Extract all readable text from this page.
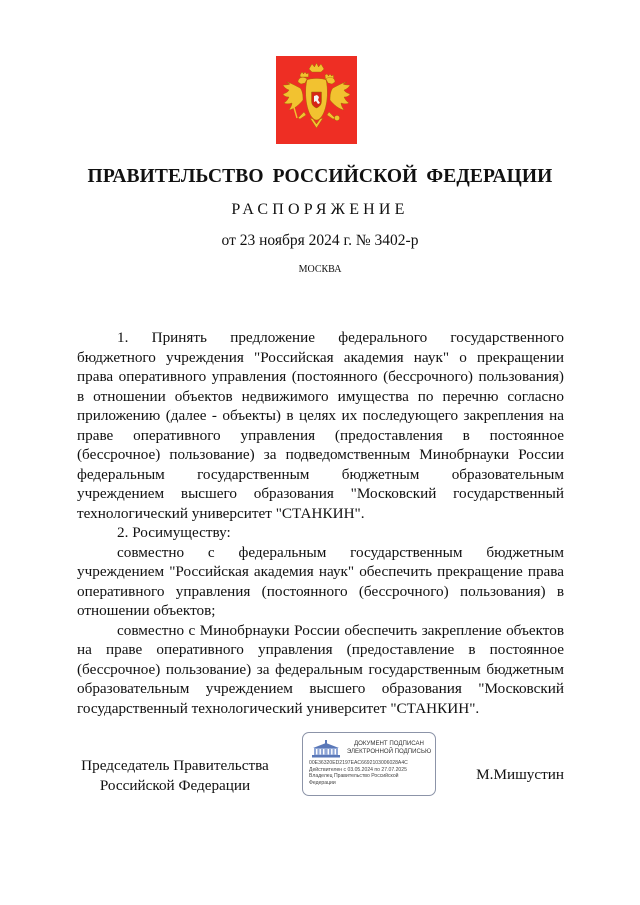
ПРАВИТЕЛЬСТВО РОССИЙСКОЙ ФЕДЕРАЦИИ
РАСПОРЯЖЕНИЕ
от 23 ноября 2024 г. № 3402-р
МОСКВА

1. Принять предложение федерального государственного бюджетного учреждения "Российская академия наук" о прекращении права оперативного управления (постоянного (бессрочного) пользования) в отношении объектов недвижимого имущества по перечню согласно приложению (далее - объекты) в целях их последующего закрепления на праве оперативного управления (предоставления в постоянное (бессрочное) пользование) за подведомственным Минобрнауки России федеральным государственным бюджетным образовательным учреждением высшего образования "Московский государственный технологический университет "СТАНКИН".

2. Росимуществу:

совместно с федеральным государственным бюджетным учреждением "Российская академия наук" обеспечить прекращение права оперативного управления (постоянного (бессрочного) пользования) в отношении объектов;

совместно с Минобрнауки России обеспечить закрепление объектов на праве оперативного управления (предоставление в постоянное (бессрочное) пользование) за федеральным государственным бюджетным образовательным учреждением высшего образования "Московский государственный технологический университет "СТАНКИН".

Председатель Правительства
Российской Федерации
ДОКУМЕНТ ПОДПИСАН
ЭЛЕКТРОННОЙ ПОДПИСЬЮ
00E36320ED2197EAC6692103006028A4C
Действителен с 03.05.2024 по 27.07.2025
Владелец Правительство Российской
Федерации	М.Мишустин
